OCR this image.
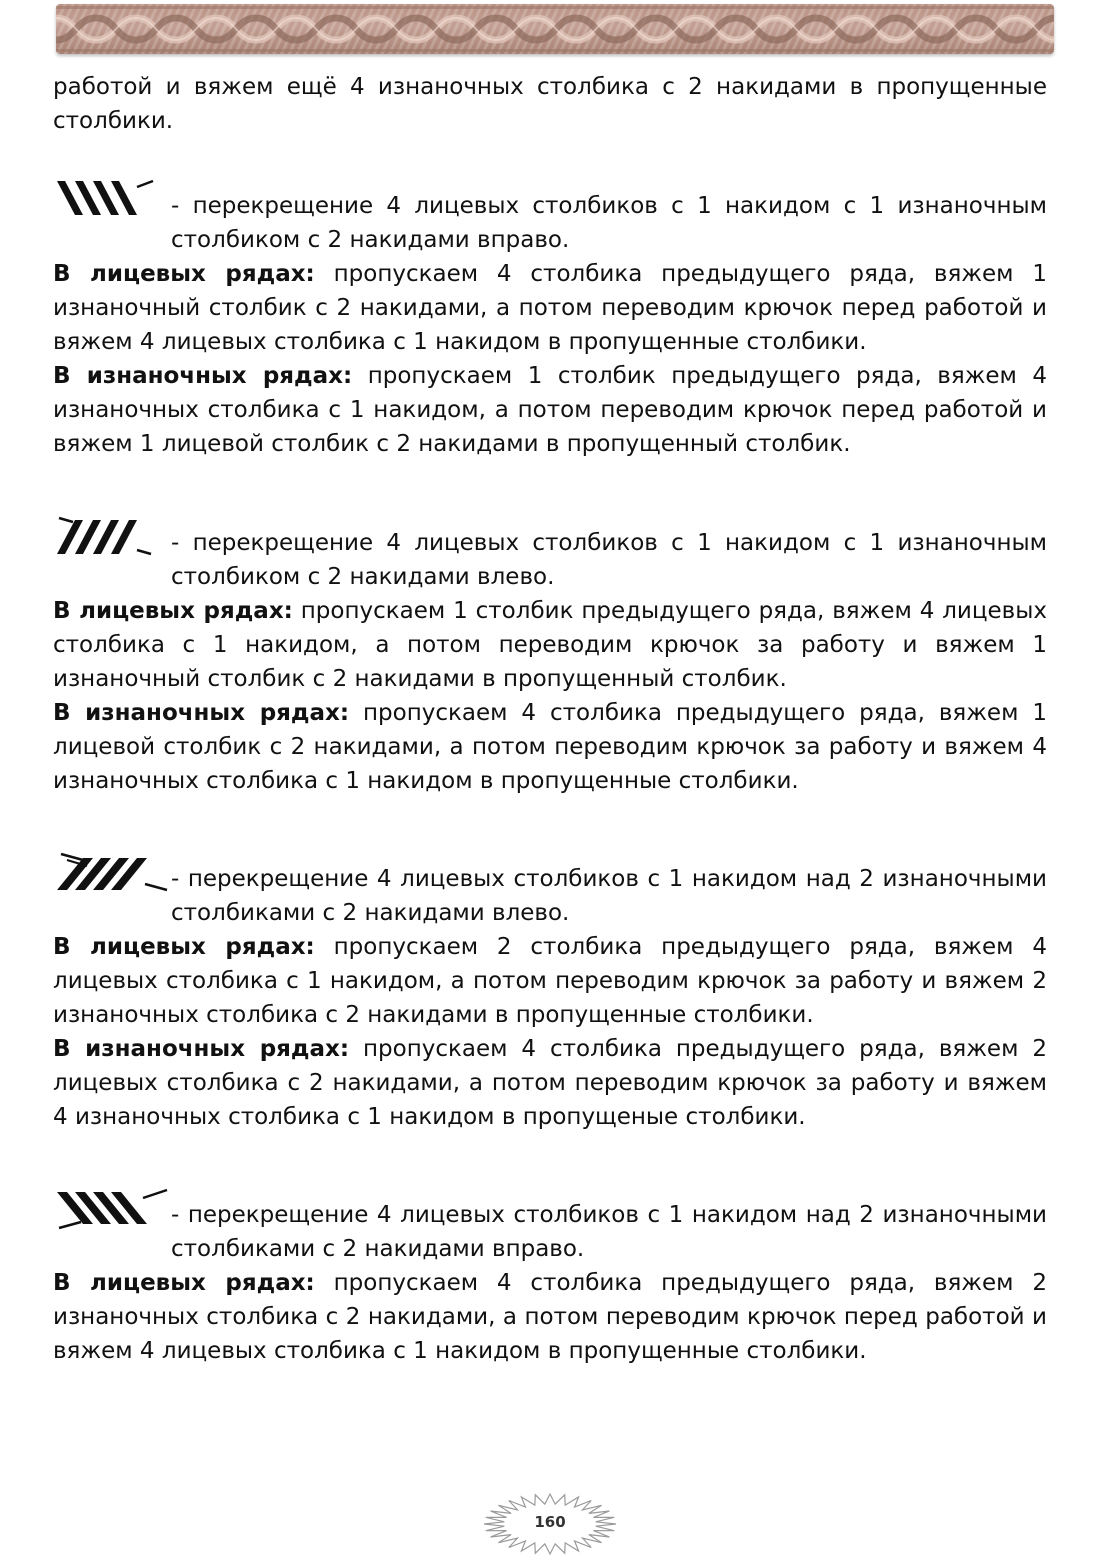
работой и вяжем ещё 4 изнаночных столбика с 2 накидами в пропущенные столбики.

- перекрещение 4 лицевых столбиков с 1 накидом с 1 изнаночным столбиком с 2 накидами вправо.

В лицевых рядах: пропускаем 4 столбика предыдущего ряда, вяжем 1 изнаночный столбик с 2 накидами, а потом переводим крючок перед работой и вяжем 4 лицевых столбика с 1 накидом в пропущенные столбики.

В изнаночных рядах: пропускаем 1 столбик предыдущего ряда, вяжем 4 изнаночных столбика с 1 накидом, а потом переводим крючок перед работой и вяжем 1 лицевой столбик с 2 накидами в пропущенный столбик.

- перекрещение 4 лицевых столбиков с 1 накидом с 1 изнаночным столбиком с 2 накидами влево.

В лицевых рядах: пропускаем 1 столбик предыдущего ряда, вяжем 4 лицевых столбика с 1 накидом, а потом переводим крючок за работу и вяжем 1 изнаночный столбик с 2 накидами в пропущенный столбик.

В изнаночных рядах: пропускаем 4 столбика предыдущего ряда, вяжем 1 лицевой столбик с 2 накидами, а потом переводим крючок за работу и вяжем 4 изнаночных столбика с 1 накидом в пропущенные столбики.

- перекрещение 4 лицевых столбиков с 1 накидом над 2 изнаночными столбиками с 2 накидами влево.

В лицевых рядах: пропускаем 2 столбика предыдущего ряда, вяжем 4 лицевых столбика с 1 накидом, а потом переводим крючок за работу и вяжем 2 изнаночных столбика с 2 накидами в пропущенные столбики.

В изнаночных рядах: пропускаем 4 столбика предыдущего ряда, вяжем 2 лицевых столбика с 2 накидами, а потом переводим крючок за работу и вяжем 4 изнаночных столбика с 1 накидом в пропущеные столбики.

- перекрещение 4 лицевых столбиков с 1 накидом над 2 изнаночными столбиками с 2 накидами вправо.

В лицевых рядах: пропускаем 4 столбика предыдущего ряда, вяжем 2 изнаночных столбика с 2 накидами, а потом переводим крючок перед работой и вяжем 4 лицевых столбика с 1 накидом в пропущенные столбики.

160
